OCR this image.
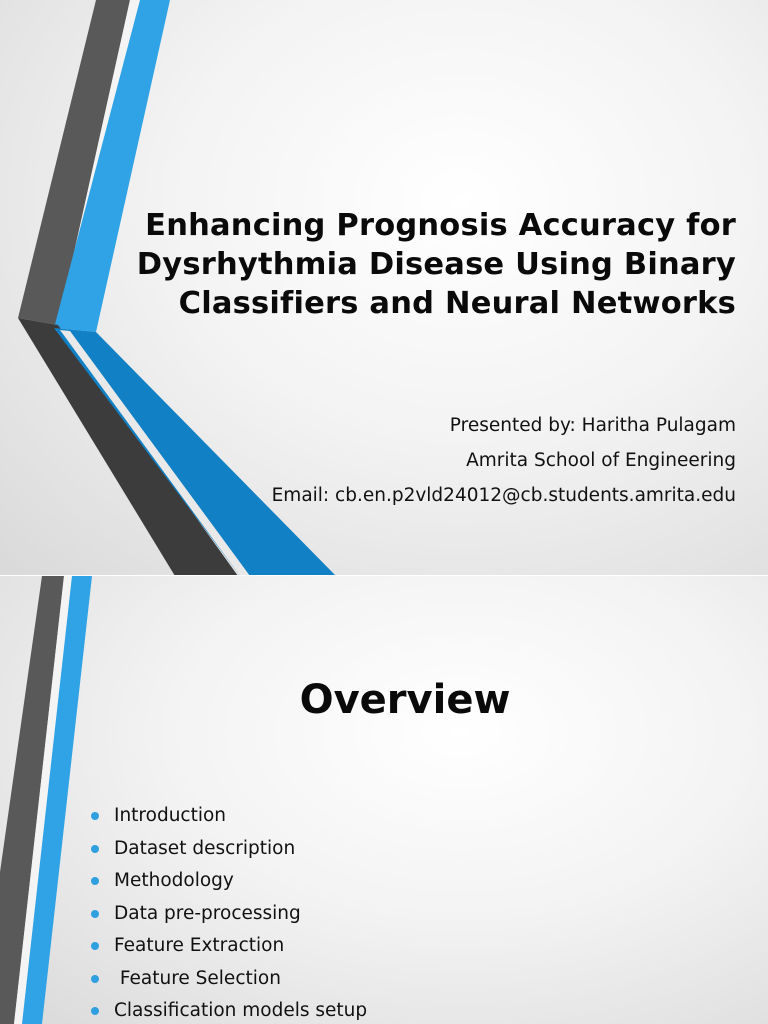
Enhancing Prognosis Accuracy for
Dysrhythmia Disease Using Binary
Classifiers and Neural Networks
Presented by: Haritha Pulagam
Amrita School of Engineering
Email: cb.en.p2vld24012@cb.students.amrita.edu
Overview
Introduction
Dataset description
Methodology
Data pre-processing
Feature Extraction
Feature Selection
Classification models setup
